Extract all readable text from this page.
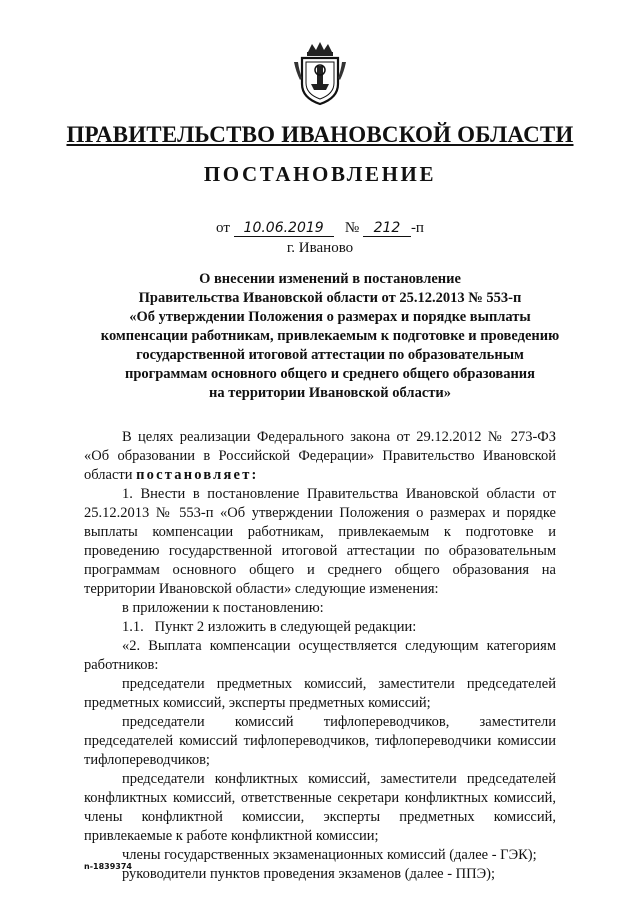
ПРАВИТЕЛЬСТВО ИВАНОВСКОЙ ОБЛАСТИ
ПОСТАНОВЛЕНИЕ
от 10.06.2019 № 212 -п
г. Иваново
О внесении изменений в постановление
Правительства Ивановской области от 25.12.2013 № 553-п
«Об утверждении Положения о размерах и порядке выплаты
компенсации работникам, привлекаемым к подготовке и проведению
государственной итоговой аттестации по образовательным
программам основного общего и среднего общего образования
на территории Ивановской области»

В целях реализации Федерального закона от 29.12.2012 № 273-ФЗ «Об образовании в Российской Федерации» Правительство Ивановской области постановляет:

1. Внести в постановление Правительства Ивановской области от 25.12.2013 № 553-п «Об утверждении Положения о размерах и порядке выплаты компенсации работникам, привлекаемым к подготовке и проведению государственной итоговой аттестации по образовательным программам основного общего и среднего общего образования на территории Ивановской области» следующие изменения:

в приложении к постановлению:

1.1.   Пункт 2 изложить в следующей редакции:

«2. Выплата компенсации осуществляется следующим категориям работников:

председатели предметных комиссий, заместители председателей предметных комиссий, эксперты предметных комиссий;

председатели комиссий тифлопереводчиков, заместители председателей комиссий тифлопереводчиков, тифлопереводчики комиссии тифлопереводчиков;

председатели конфликтных комиссий, заместители председателей конфликтных комиссий, ответственные секретари конфликтных комиссий, члены конфликтной комиссии, эксперты предметных комиссий, привлекаемые к работе конфликтной комиссии;

члены государственных экзаменационных комиссий (далее - ГЭК);

руководители пунктов проведения экзаменов (далее - ППЭ);

n-1839374
